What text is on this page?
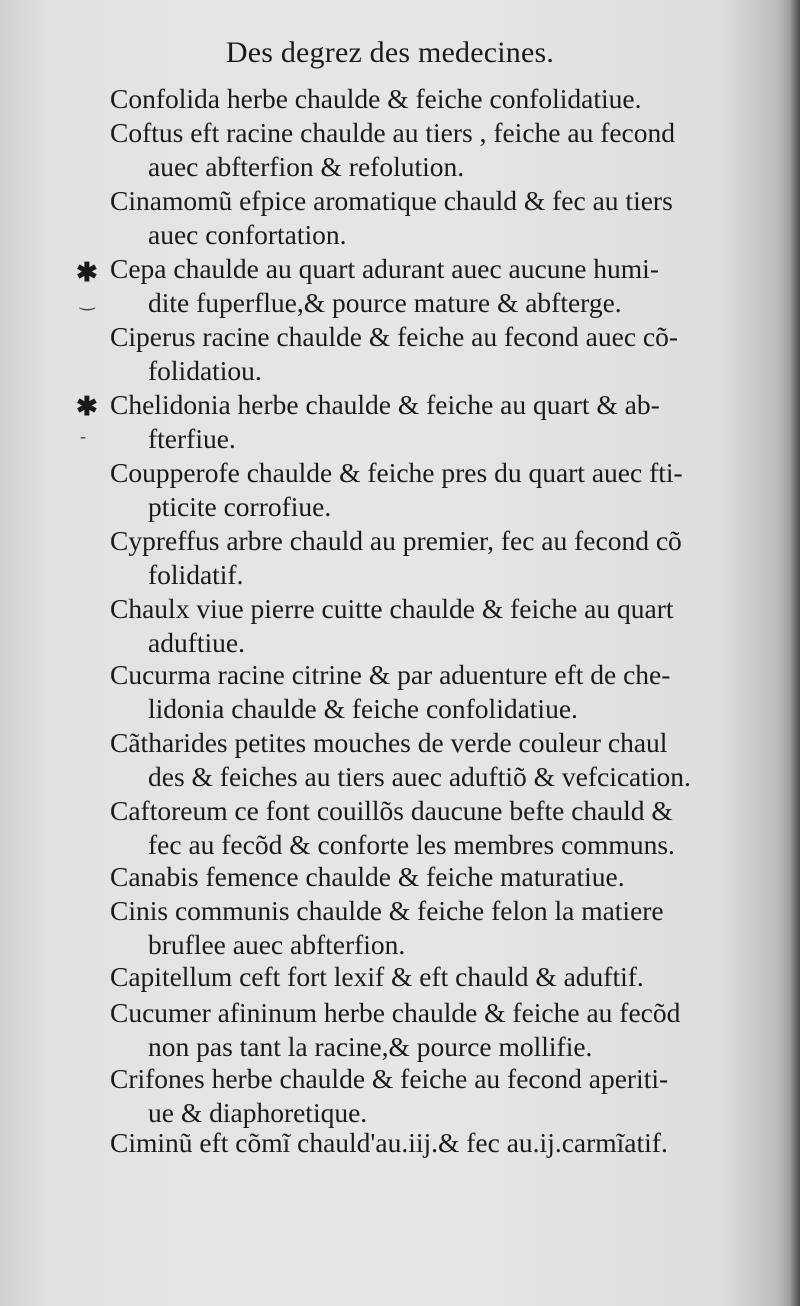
Des degrez des medecines.
✱
‿
✱
-
Confolida herbe chaulde & feiche confolidatiue.
Coftus eft racine chaulde au tiers , feiche au fecond
auec abfterfion & refolution.
Cinamomũ efpice aromatique chauld & fec au tiers
auec confortation.
Cepa chaulde au quart adurant auec aucune humi-
dite fuperflue,& pource mature & abfterge.
Ciperus racine chaulde & feiche au fecond auec cõ-
folidatiou.
Chelidonia herbe chaulde & feiche au quart & ab-
fterfiue.
Coupperofe chaulde & feiche pres du quart auec fti-
pticite corrofiue.
Cypreffus arbre chauld au premier, fec au fecond cõ
folidatif.
Chaulx viue pierre cuitte chaulde & feiche au quart
aduftiue.
Cucurma racine citrine & par aduenture eft de che-
lidonia chaulde & feiche confolidatiue.
Cãtharides petites mouches de verde couleur chaul
des & feiches au tiers auec aduftiõ & vefcication.
Caftoreum ce font couillõs daucune befte chauld &
fec au fecõd & conforte les membres communs.
Canabis femence chaulde & feiche maturatiue.
Cinis communis chaulde & feiche felon la matiere
bruflee auec abfterfion.
Capitellum ceft fort lexif & eft chauld & aduftif.
Cucumer afininum herbe chaulde & feiche au fecõd
non pas tant la racine,& pource mollifie.
Crifones herbe chaulde & feiche au fecond aperiti-
ue & diaphoretique.
Ciminũ eft cõmĩ chauld'au.iij.& fec au.ij.carmĩatif.
